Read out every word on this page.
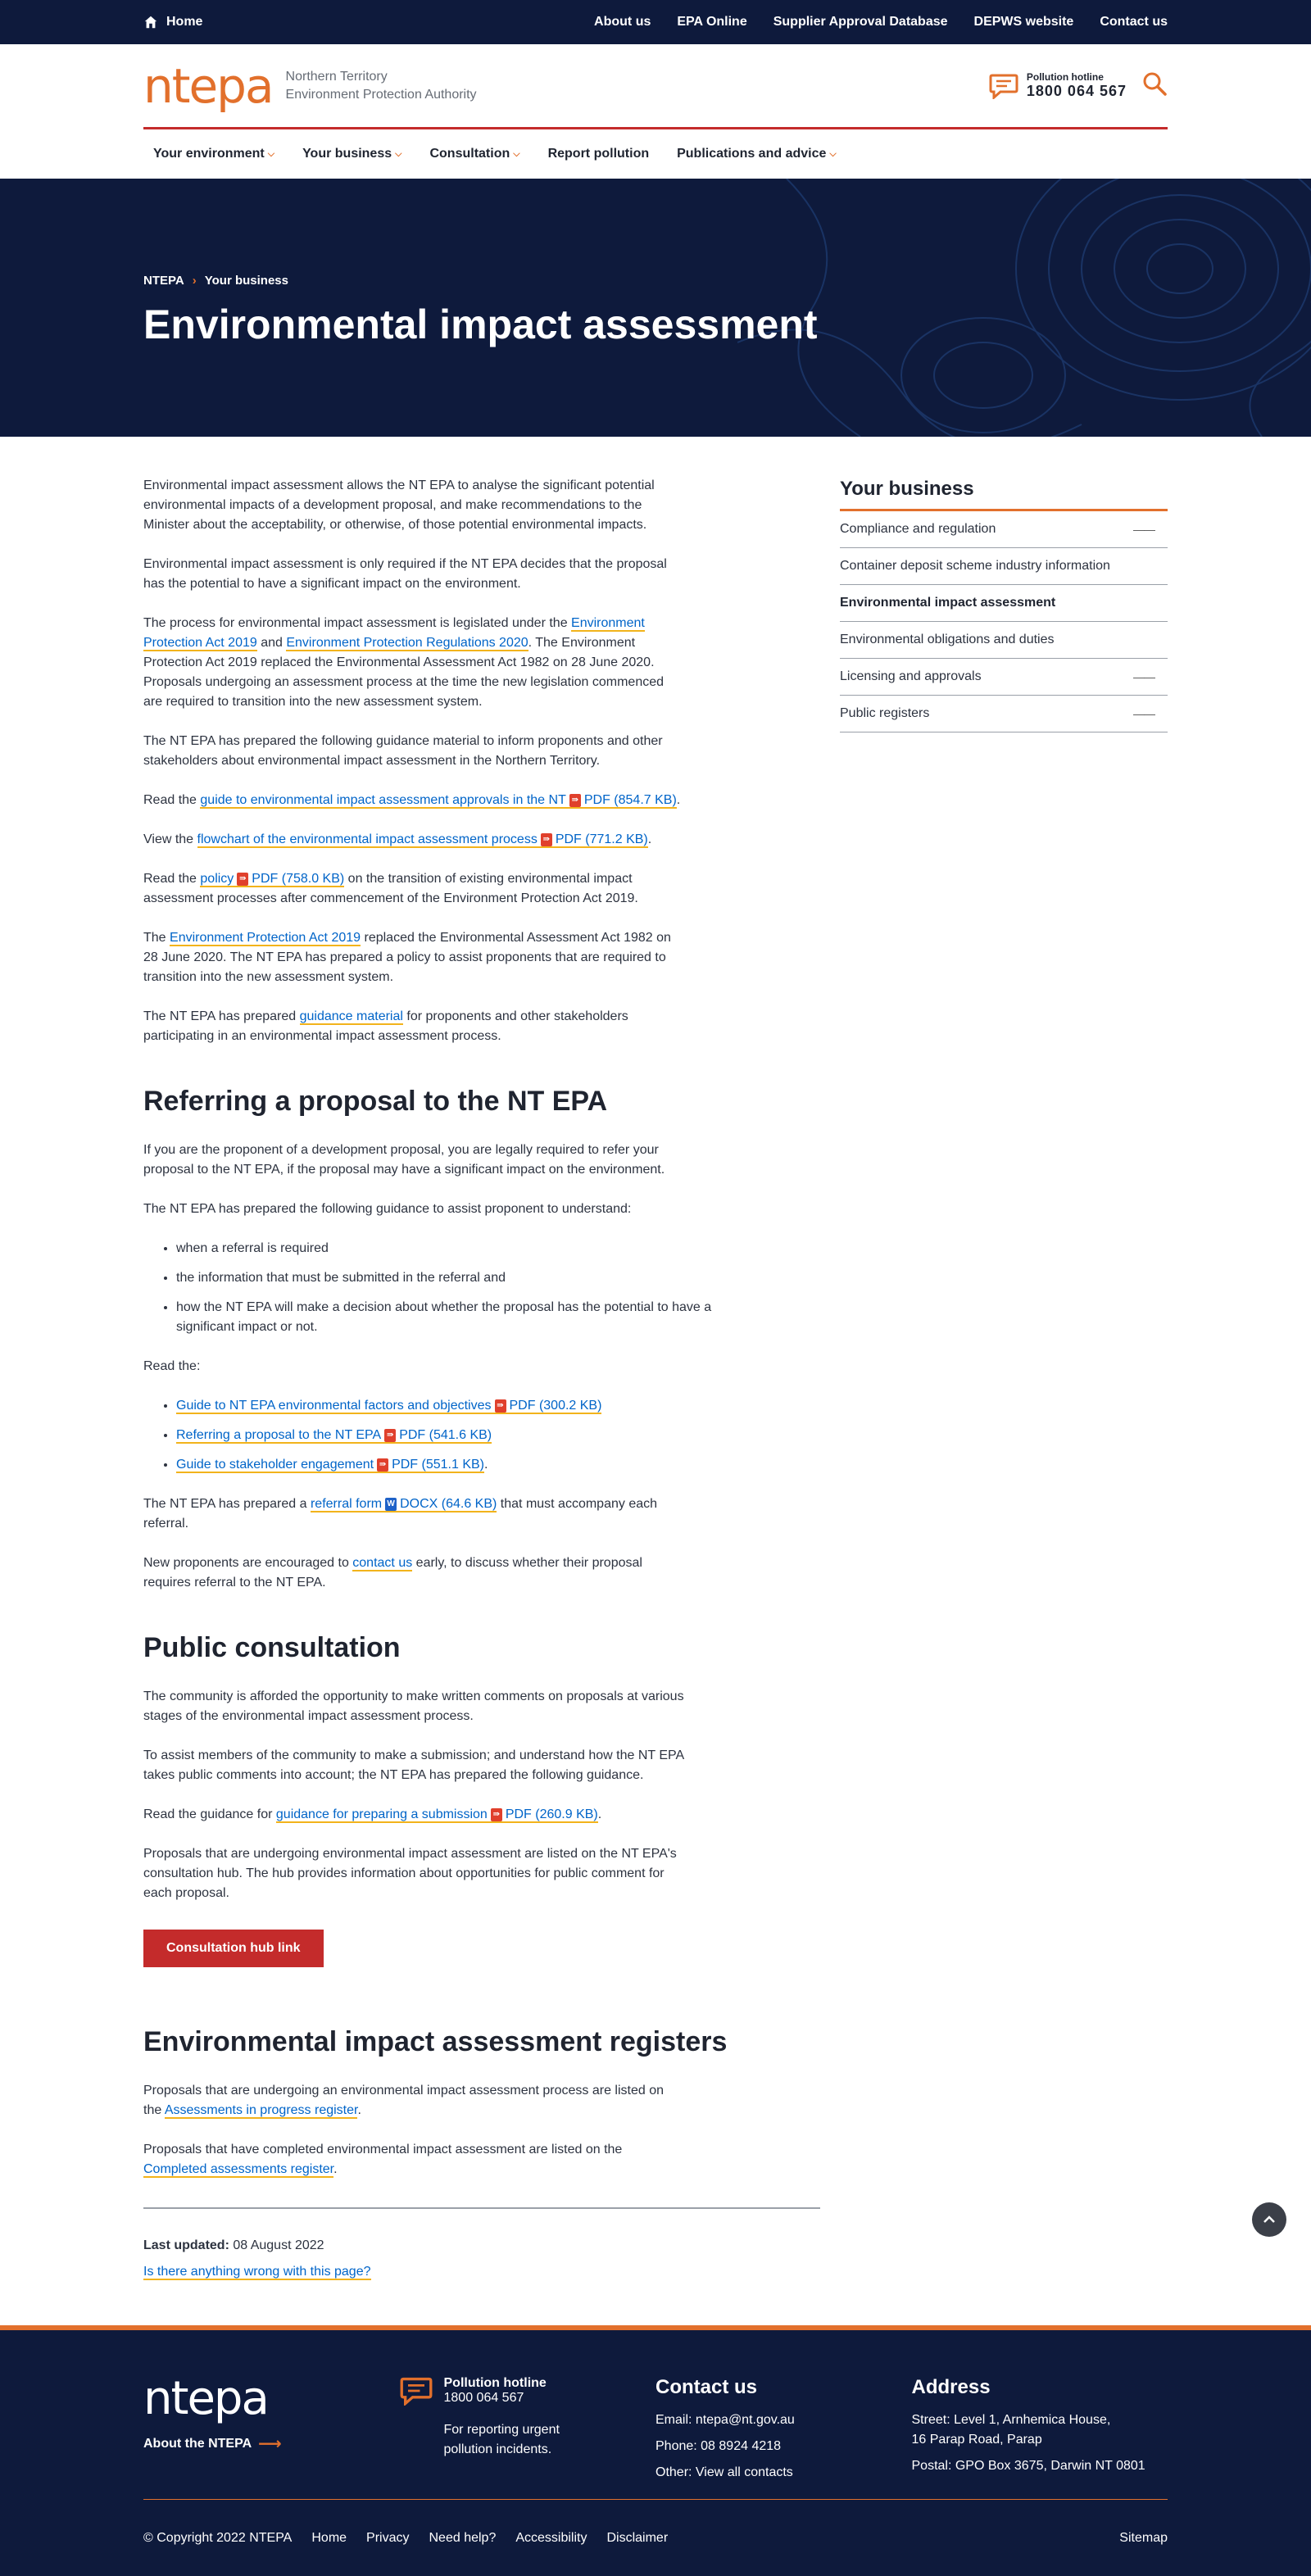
Home	About us EPA Online Supplier Approval Database DEPWS website Contact us
ntepa Northern Territory
Environment Protection Authority
Pollution hotline
1800 064 567
Your environment ⌵ Your business ⌵ Consultation ⌵ Report pollution Publications and advice ⌵
NTEPA › Your business
Environmental impact assessment

Environmental impact assessment allows the NT EPA to analyse the significant potential environmental impacts of a development proposal, and make recommendations to the Minister about the acceptability, or otherwise, of those potential environmental impacts.

Environmental impact assessment is only required if the NT EPA decides that the proposal has the potential to have a significant impact on the environment.

The process for environmental impact assessment is legislated under the Environment Protection Act 2019 and Environment Protection Regulations 2020. The Environment Protection Act 2019 replaced the Environmental Assessment Act 1982 on 28 June 2020. Proposals undergoing an assessment process at the time the new legislation commenced are required to transition into the new assessment system.

The NT EPA has prepared the following guidance material to inform proponents and other stakeholders about environmental impact assessment in the Northern Territory.

Read the guide to environmental impact assessment approvals in the NT ⇛ PDF (854.7 KB).

View the flowchart of the environmental impact assessment process ⇛ PDF (771.2 KB).

Read the policy ⇛ PDF (758.0 KB) on the transition of existing environmental impact assessment processes after commencement of the Environment Protection Act 2019.

The Environment Protection Act 2019 replaced the Environmental Assessment Act 1982 on 28 June 2020. The NT EPA has prepared a policy to assist proponents that are required to transition into the new assessment system.

The NT EPA has prepared guidance material for proponents and other stakeholders participating in an environmental impact assessment process.

Referring a proposal to the NT EPA

If you are the proponent of a development proposal, you are legally required to refer your proposal to the NT EPA, if the proposal may have a significant impact on the environment.

The NT EPA has prepared the following guidance to assist proponent to understand:

• when a referral is required
• the information that must be submitted in the referral and
• how the NT EPA will make a decision about whether the proposal has the potential to have a significant impact or not.

Read the:

• Guide to NT EPA environmental factors and objectives ⇛ PDF (300.2 KB)
• Referring a proposal to the NT EPA ⇛ PDF (541.6 KB)
• Guide to stakeholder engagement ⇛ PDF (551.1 KB).

The NT EPA has prepared a referral form W DOCX (64.6 KB) that must accompany each referral.

New proponents are encouraged to contact us early, to discuss whether their proposal requires referral to the NT EPA.

Public consultation

The community is afforded the opportunity to make written comments on proposals at various stages of the environmental impact assessment process.

To assist members of the community to make a submission; and understand how the NT EPA takes public comments into account; the NT EPA has prepared the following guidance.

Read the guidance for guidance for preparing a submission ⇛ PDF (260.9 KB).

Proposals that are undergoing environmental impact assessment are listed on the NT EPA's consultation hub. The hub provides information about opportunities for public comment for each proposal.

Consultation hub link
Environmental impact assessment registers

Proposals that are undergoing an environmental impact assessment process are listed on the Assessments in progress register.

Proposals that have completed environmental impact assessment are listed on the Completed assessments register.

Last updated: 08 August 2022
Is there anything wrong with this page?
Your business
Compliance and regulation	——
Container deposit scheme industry information
Environmental impact assessment
Environmental obligations and duties
Licensing and approvals	——
Public registers	——
ntepa
About the NTEPA ⟶
Pollution hotline
1800 064 567
For reporting urgent pollution incidents.
Contact us
Email: ntepa@nt.gov.au
Phone: 08 8924 4218
Other: View all contacts
Address
Street: Level 1, Arnhemica House, 16 Parap Road, Parap
Postal: GPO Box 3675, Darwin NT 0801
© Copyright 2022 NTEPA Home Privacy Need help? Accessibility Disclaimer	Sitemap
